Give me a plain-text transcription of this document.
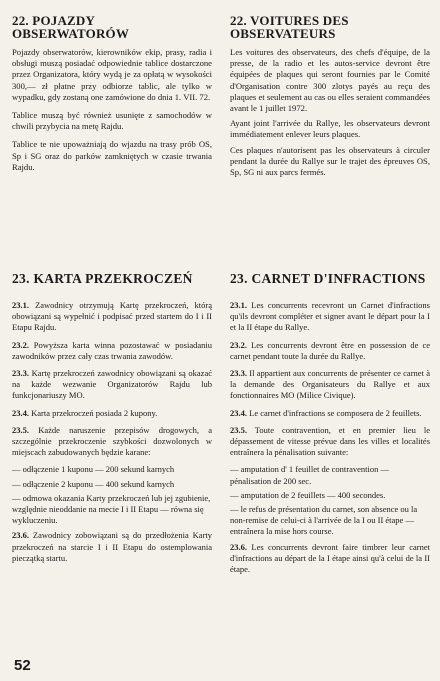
22. POJAZDY OBSERWATORÓW

Pojazdy obserwatorów, kierowników ekip, prasy, radia i obsługi muszą posiadać odpowiednie tablice dostarczone przez Organizatora, który wydą je za opłatą w wysokości 300,— zł płatne przy odbiorze tablic, ale tylko w wypadku, gdy zostaną one zamówione do dnia 1. VII. 72.

Tablice muszą być również usunięte z samochodów w chwili przybycia na metę Rajdu.

Tablice te nie upoważniają do wjazdu na trasy prób OS, Sp i SG oraz do parków zamkniętych w czasie trwania Rajdu.

22. VOITURES DES OBSERVATEURS

Les voitures des observateurs, des chefs d'équipe, de la presse, de la radio et les autos-service devront être équipées de plaques qui seront fournies par le Comité d'Organisation contre 300 zlotys payés au reçu des plaques et seulement au cas ou elles seraient commandées avant le 1 juillet 1972.

Ayant joint l'arrivée du Rallye, les observateurs devront immédiatement enlever leurs plaques.

Ces plaques n'autorisent pas les observateurs à circuler pendant la durée du Rallye sur le trajet des épreuves OS, Sp, SG ni aux parcs fermés.

23. KARTA PRZEKROCZEŃ

23.1. Zawodnicy otrzymują Kartę przekroczeń, którą obowiązani są wypełnić i podpisać przed startem do I i II Etapu Rajdu.

23.2. Powyższa karta winna pozostawać w posiadaniu zawodników przez cały czas trwania zawodów.

23.3. Kartę przekroczeń zawodnicy obowiązani są okazać na każde wezwanie Organizatorów Rajdu lub funkcjonariuszy MO.

23.4. Karta przekroczeń posiada 2 kupony.

23.5. Każde naruszenie przepisów drogowych, a szczególnie przekroczenie szybkości dozwolonych w miejscach zabudowanych będzie karane:

— odłączenie 1 kuponu — 200 sekund karnych
— odłączenie 2 kuponu — 400 sekund karnych
— odmowa okazania Karty przekroczeń lub jej zgubienie, względnie nieoddanie na mecie I i II Etapu — równa się wykluczeniu.

23.6. Zawodnicy zobowiązani są do przedłożenia Karty przekroczeń na starcie I i II Etapu do ostemplowania pieczątką startu.

23. CARNET D'INFRACTIONS

23.1. Les concurrents recevront un Carnet d'infractions qu'ils devront compléter et signer avant le départ pour la I et la II étape du Rallye.

23.2. Les concurrents devront être en possession de ce carnet pendant toute la durée du Rallye.

23.3. Il appartient aux concurrents de présenter ce carnet à la demande des Organisateurs du Rallye et aux fonctionnaires MO (Milice Civique).

23.4. Le carnet d'infractions se composera de 2 feuillets.

23.5. Toute contravention, et en premier lieu le dépassement de vitesse prévue dans les villes et localités entraînera la pénalisation suivante:

— amputation d' 1 feuillet de contravention — pénalisation de 200 sec.
— amputation de 2 feuillets — 400 secondes.
— le refus de présentation du carnet, son absence ou la non-remise de celui-ci à l'arrivée de la I ou II étape — entraînera la mise hors course.

23.6. Les concurrents devront faire timbrer leur carnet d'infractions au départ de la I étape ainsi qu'à celui de la II étape.

52
